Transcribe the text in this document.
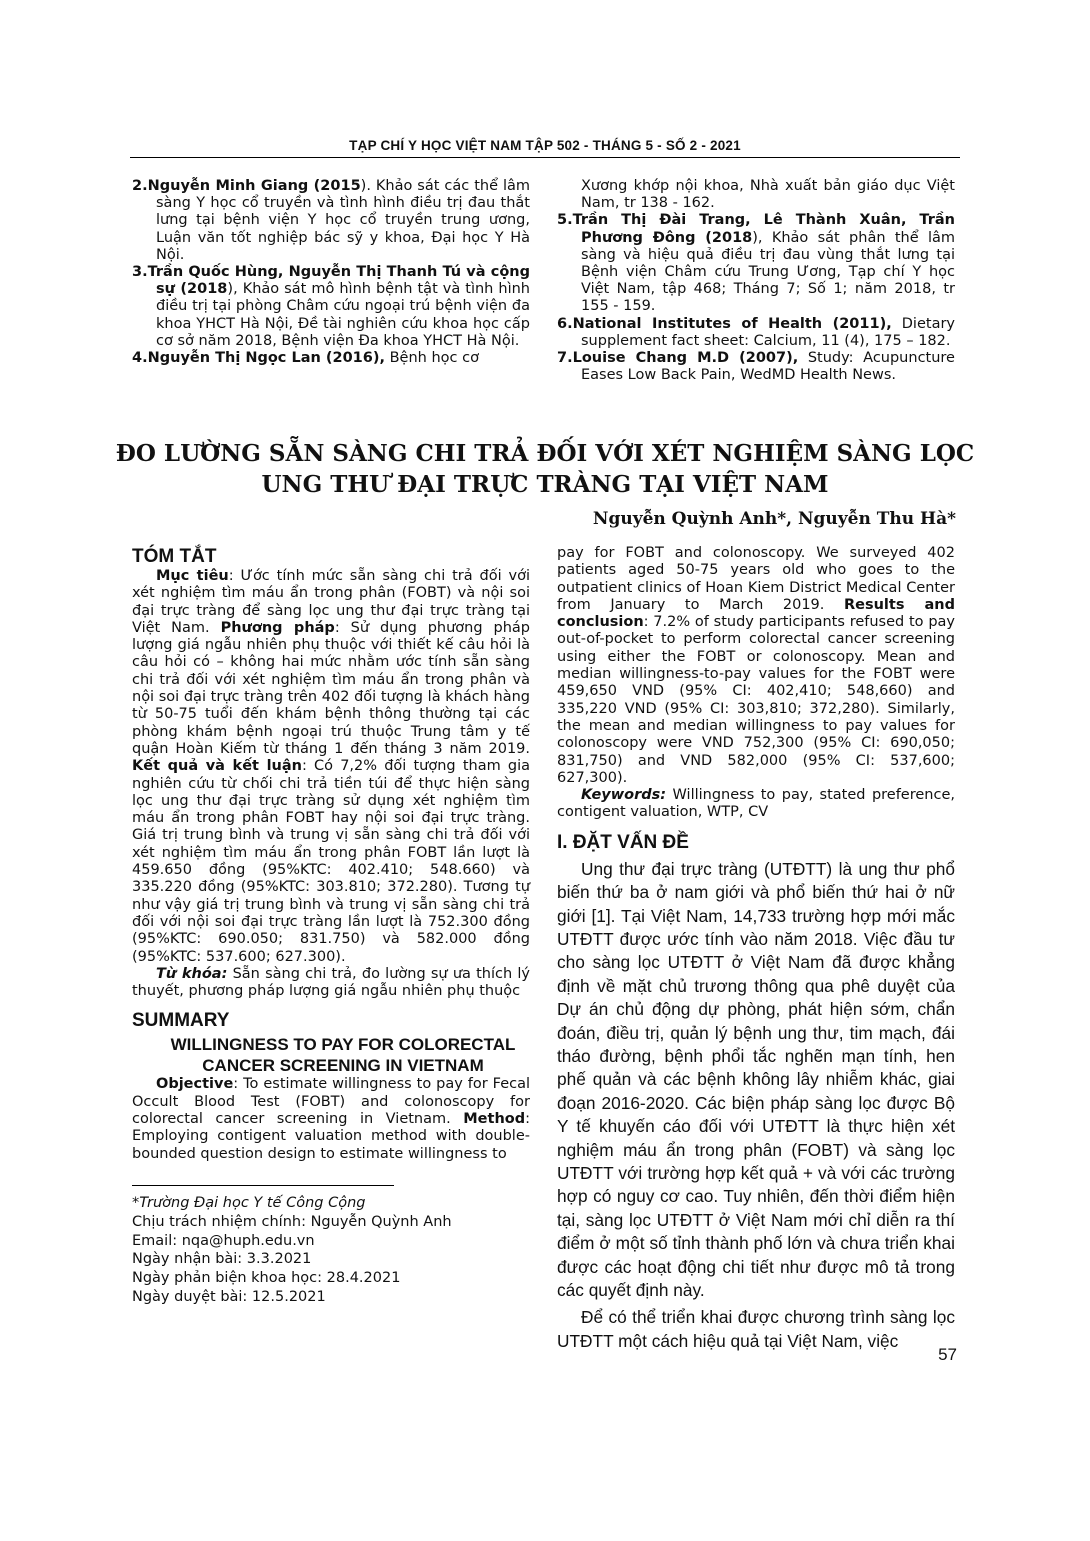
TẠP CHÍ Y HỌC VIỆT NAM TẬP 502 - THÁNG 5 - SỐ 2 - 2021

2.Nguyễn Minh Giang (2015). Khảo sát các thể lâm sàng Y học cổ truyền và tình hình điều trị đau thắt lưng tại bệnh viện Y học cổ truyền trung ương, Luận văn tốt nghiệp bác sỹ y khoa, Đại học Y Hà Nội.

3.Trần Quốc Hùng, Nguyễn Thị Thanh Tú và cộng sự (2018), Khảo sát mô hình bệnh tật và tình hình điều trị tại phòng Châm cứu ngoại trú bệnh viện đa khoa YHCT Hà Nội, Đề tài nghiên cứu khoa học cấp cơ sở năm 2018, Bệnh viện Đa khoa YHCT Hà Nội.

4.Nguyễn Thị Ngọc Lan (2016), Bệnh học cơ

Xương khớp nội khoa, Nhà xuất bản giáo dục Việt Nam, tr 138 - 162.

5.Trần Thị Đài Trang, Lê Thành Xuân, Trần Phương Đông (2018), Khảo sát phân thể lâm sàng và hiệu quả điều trị đau vùng thắt lưng tại Bệnh viện Châm cứu Trung Ương, Tạp chí Y học Việt Nam, tập 468; Tháng 7; Số 1; năm 2018, tr 155 - 159.

6.National Institutes of Health (2011), Dietary supplement fact sheet: Calcium, 11 (4), 175 – 182.

7.Louise Chang M.D (2007), Study: Acupuncture Eases Low Back Pain, WedMD Health News.

ĐO LƯỜNG SẴN SÀNG CHI TRẢ ĐỐI VỚI XÉT NGHIỆM SÀNG LỌC
UNG THƯ ĐẠI TRỰC TRÀNG TẠI VIỆT NAM
Nguyễn Quỳnh Anh*, Nguyễn Thu Hà*
TÓM TẮT

Mục tiêu: Ước tính mức sẵn sàng chi trả đối với xét nghiệm tìm máu ẩn trong phân (FOBT) và nội soi đại trực tràng để sàng lọc ung thư đại trực tràng tại Việt Nam. Phương pháp: Sử dụng phương pháp lượng giá ngẫu nhiên phụ thuộc với thiết kế câu hỏi là câu hỏi có – không hai mức nhằm ước tính sẵn sàng chi trả đối với xét nghiệm tìm máu ẩn trong phân và nội soi đại trực tràng trên 402 đối tượng là khách hàng từ 50-75 tuổi đến khám bệnh thông thường tại các phòng khám bệnh ngoại trú thuộc Trung tâm y tế quận Hoàn Kiếm từ tháng 1 đến tháng 3 năm 2019. Kết quả và kết luận: Có 7,2% đối tượng tham gia nghiên cứu từ chối chi trả tiền túi để thực hiện sàng lọc ung thư đại trực tràng sử dụng xét nghiệm tìm máu ẩn trong phân FOBT hay nội soi đại trực tràng. Giá trị trung bình và trung vị sẵn sàng chi trả đối với xét nghiệm tìm máu ẩn trong phân FOBT lần lượt là 459.650 đồng (95%KTC: 402.410; 548.660) và 335.220 đồng (95%KTC: 303.810; 372.280). Tương tự như vậy giá trị trung bình và trung vị sẵn sàng chi trả đối với nội soi đại trực tràng lần lượt là 752.300 đồng (95%KTC: 690.050; 831.750) và 582.000 đồng (95%KTC: 537.600; 627.300).

Từ khóa: Sẵn sàng chi trả, đo lường sự ưa thích lý thuyết, phương pháp lượng giá ngẫu nhiên phụ thuộc

SUMMARY

WILLINGNESS TO PAY FOR COLORECTAL CANCER SCREENING IN VIETNAM

Objective: To estimate willingness to pay for Fecal Occult Blood Test (FOBT) and colonoscopy for colorectal cancer screening in Vietnam. Method: Employing contigent valuation method with double-bounded question design to estimate willingness to

*Trường Đại học Y tế Công Cộng

Chịu trách nhiệm chính: Nguyễn Quỳnh Anh

Email: nqa@huph.edu.vn

Ngày nhận bài: 3.3.2021

Ngày phản biện khoa học: 28.4.2021

Ngày duyệt bài: 12.5.2021

pay for FOBT and colonoscopy. We surveyed 402 patients aged 50-75 years old who goes to the outpatient clinics of Hoan Kiem District Medical Center from January to March 2019. Results and conclusion: 7.2% of study participants refused to pay out-of-pocket to perform colorectal cancer screening using either the FOBT or colonoscopy. Mean and median willingness-to-pay values for the FOBT were 459,650 VND (95% CI: 402,410; 548,660) and 335,220 VND (95% CI: 303,810; 372,280). Similarly, the mean and median willingness to pay values for colonoscopy were VND 752,300 (95% CI: 690,050; 831,750) and VND 582,000 (95% CI: 537,600; 627,300).

Keywords: Willingness to pay, stated preference, contigent valuation, WTP, CV

I. ĐẶT VẤN ĐỀ

Ung thư đại trực tràng (UTĐTT) là ung thư phổ biến thứ ba ở nam giới và phổ biến thứ hai ở nữ giới [1]. Tại Việt Nam, 14,733 trường hợp mới mắc UTĐTT được ước tính vào năm 2018. Việc đầu tư cho sàng lọc UTĐTT ở Việt Nam đã được khẳng định về mặt chủ trương thông qua phê duyệt của Dự án chủ động dự phòng, phát hiện sớm, chẩn đoán, điều trị, quản lý bệnh ung thư, tim mạch, đái tháo đường, bệnh phổi tắc nghẽn mạn tính, hen phế quản và các bệnh không lây nhiễm khác, giai đoạn 2016-2020. Các biện pháp sàng lọc được Bộ Y tế khuyến cáo đối với UTĐTT là thực hiện xét nghiệm máu ẩn trong phân (FOBT) và sàng lọc UTĐTT với trường hợp kết quả + và với các trường hợp có nguy cơ cao. Tuy nhiên, đến thời điểm hiện tại, sàng lọc UTĐTT ở Việt Nam mới chỉ diễn ra thí điểm ở một số tỉnh thành phố lớn và chưa triển khai được các hoạt động chi tiết như được mô tả trong các quyết định này.

Để có thể triển khai được chương trình sàng lọc UTĐTT một cách hiệu quả tại Việt Nam, việc

57
